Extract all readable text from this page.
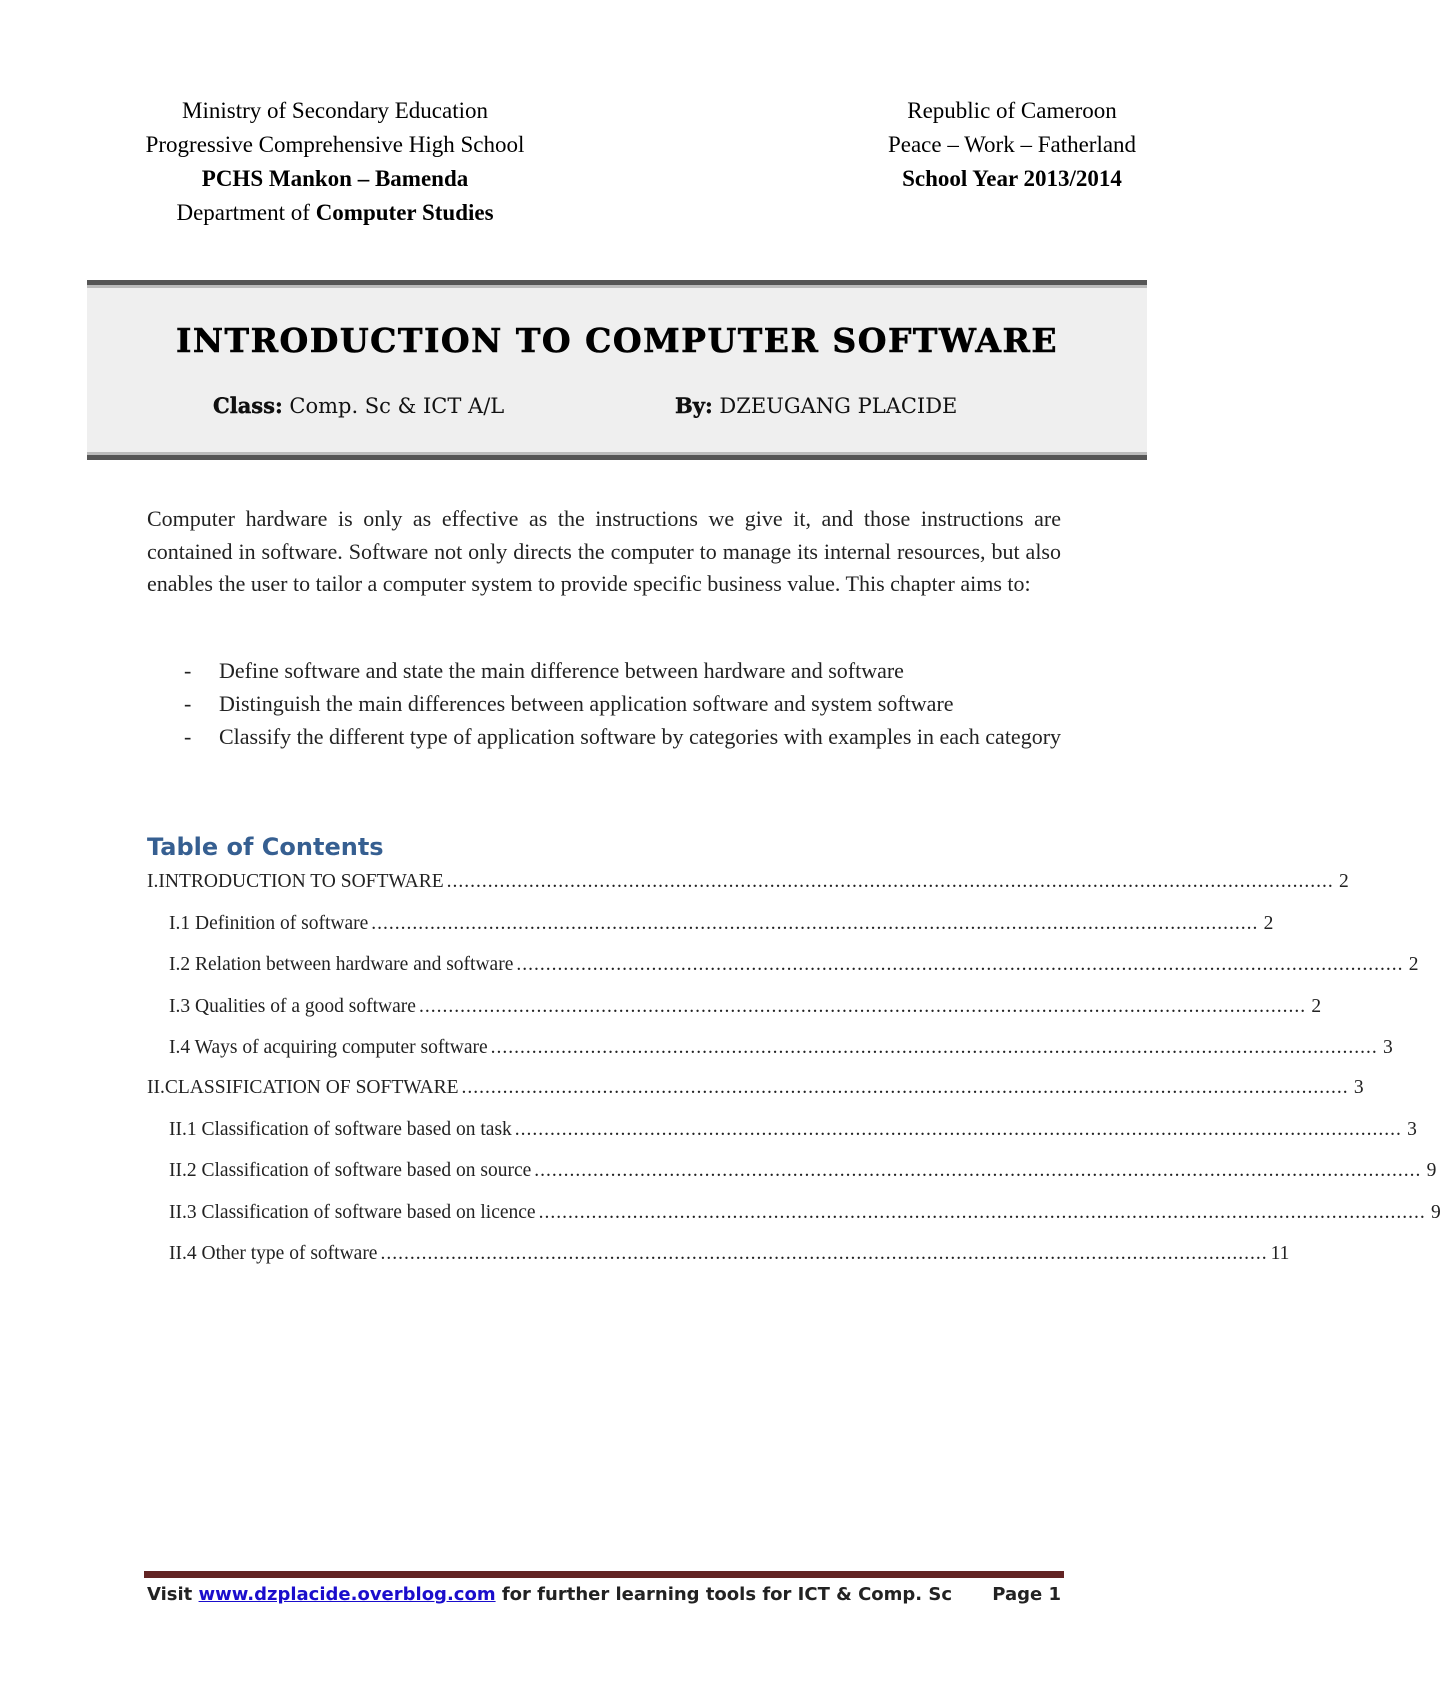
Ministry of Secondary Education
Progressive Comprehensive High School
PCHS Mankon – Bamenda
Department of Computer Studies
Republic of Cameroon
Peace – Work – Fatherland
School Year 2013/2014
INTRODUCTION TO COMPUTER SOFTWARE
Class: Comp. Sc & ICT A/L	By: DZEUGANG PLACIDE

Computer hardware is only as effective as the instructions we give it, and those instructions are contained in software. Software not only directs the computer to manage its internal resources, but also enables the user to tailor a computer system to provide specific business value. This chapter aims to:

- Define software and state the main difference between hardware and software
- Distinguish the main differences between application software and system software
- Classify the different type of application software by categories with examples in each category
Table of Contents
I. INTRODUCTION TO SOFTWARE ....................................................................................................................................................... 2
I.1 Definition of software ....................................................................................................................................................... 2
I.2 Relation between hardware and software ....................................................................................................................................................... 2
I.3 Qualities of a good software ....................................................................................................................................................... 2
I.4 Ways of acquiring computer software ....................................................................................................................................................... 3
II. CLASSIFICATION OF SOFTWARE ....................................................................................................................................................... 3
II.1 Classification of software based on task ....................................................................................................................................................... 3
II.2 Classification of software based on source ....................................................................................................................................................... 9
II.3 Classification of software based on licence ....................................................................................................................................................... 9
II.4 Other type of software ....................................................................................................................................................... 11
Visit www.dzplacide.overblog.com for further learning tools for ICT & Comp. Sc Page 1
